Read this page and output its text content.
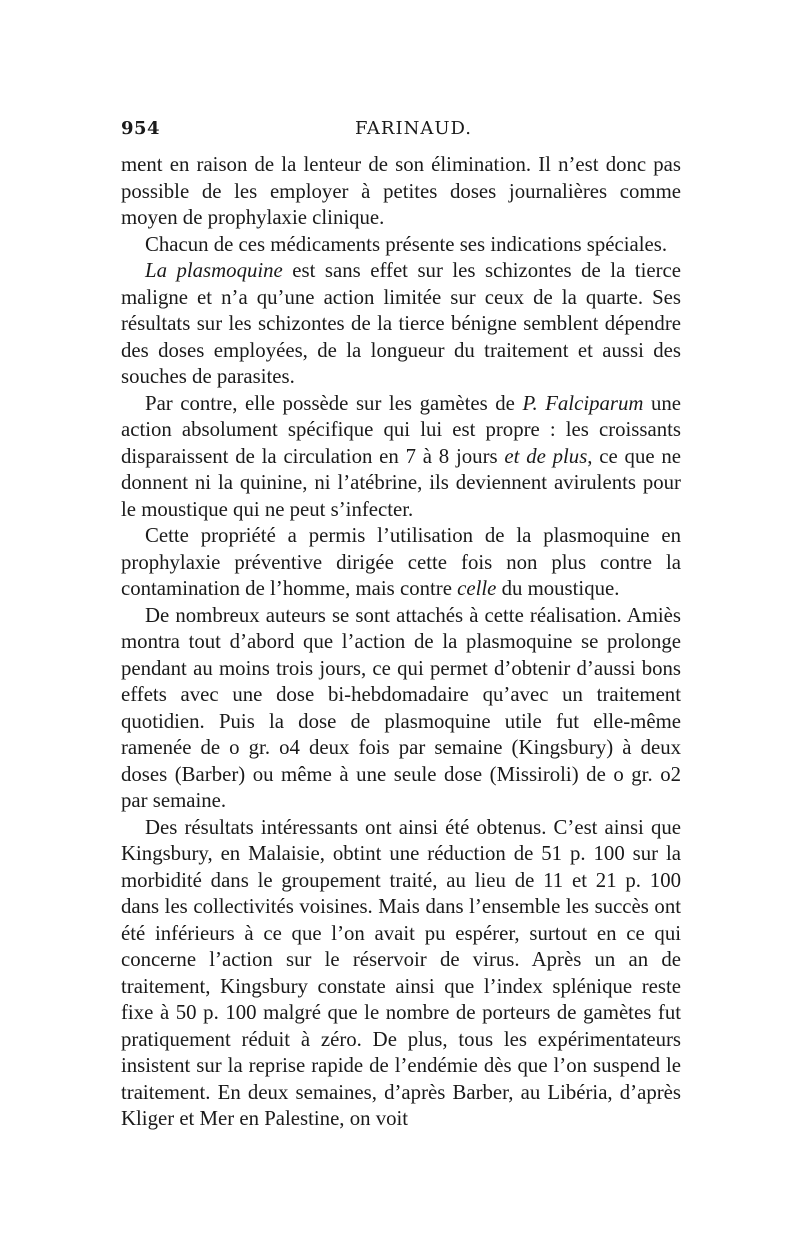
954	FARINAUD.

ment en raison de la lenteur de son élimination. Il n’est donc pas possible de les employer à petites doses journalières comme moyen de prophylaxie clinique.

Chacun de ces médicaments présente ses indications spéciales.

La plasmoquine est sans effet sur les schizontes de la tierce maligne et n’a qu’une action limitée sur ceux de la quarte. Ses résultats sur les schizontes de la tierce bénigne semblent dépendre des doses employées, de la longueur du traitement et aussi des souches de parasites.

Par contre, elle possède sur les gamètes de P. Falciparum une action absolument spécifique qui lui est propre : les croissants disparaissent de la circulation en 7 à 8 jours et de plus, ce que ne donnent ni la quinine, ni l’atébrine, ils deviennent avirulents pour le moustique qui ne peut s’infecter.

Cette propriété a permis l’utilisation de la plasmoquine en prophylaxie préventive dirigée cette fois non plus contre la contamination de l’homme, mais contre celle du moustique.

De nombreux auteurs se sont attachés à cette réalisation. Amiès montra tout d’abord que l’action de la plasmoquine se prolonge pendant au moins trois jours, ce qui permet d’obtenir d’aussi bons effets avec une dose bi-hebdomadaire qu’avec un traitement quotidien. Puis la dose de plasmoquine utile fut elle-même ramenée de o gr. o4 deux fois par semaine (Kingsbury) à deux doses (Barber) ou même à une seule dose (Missiroli) de o gr. o2 par semaine.

Des résultats intéressants ont ainsi été obtenus. C’est ainsi que Kingsbury, en Malaisie, obtint une réduction de 51 p. 100 sur la morbidité dans le groupement traité, au lieu de 11 et 21 p. 100 dans les collectivités voisines. Mais dans l’ensemble les succès ont été inférieurs à ce que l’on avait pu espérer, surtout en ce qui concerne l’action sur le réservoir de virus. Après un an de traitement, Kingsbury constate ainsi que l’index splénique reste fixe à 50 p. 100 malgré que le nombre de porteurs de gamètes fut pratiquement réduit à zéro. De plus, tous les expérimentateurs insistent sur la reprise rapide de l’endémie dès que l’on suspend le traitement. En deux semaines, d’après Barber, au Libéria, d’après Kliger et Mer en Palestine, on voit
